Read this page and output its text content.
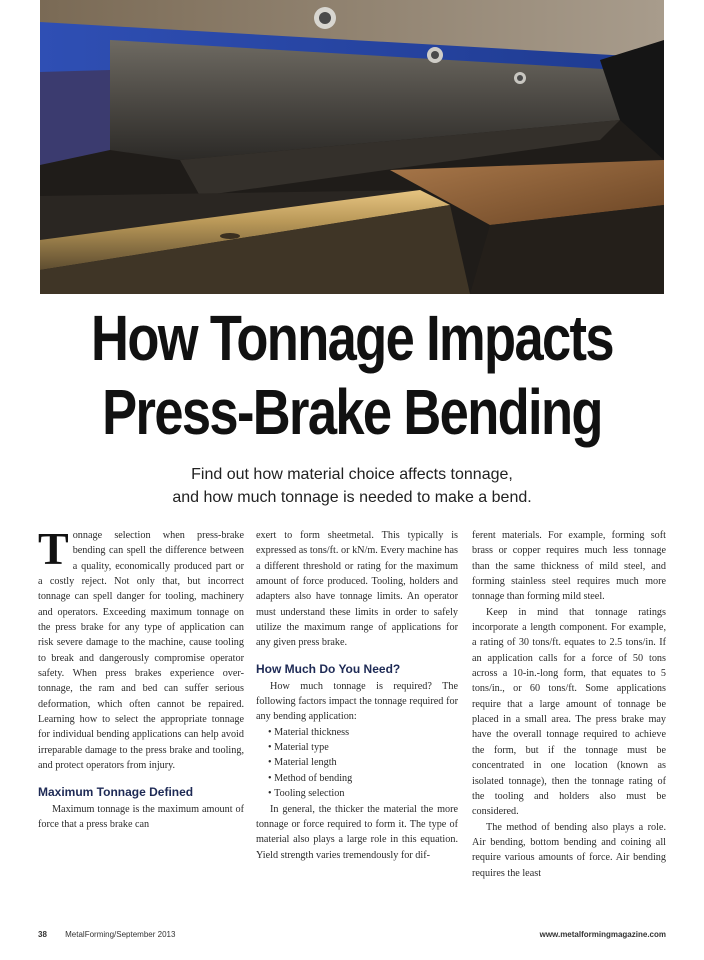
How Tonnage Impacts
Press-Brake Bending
Find out how material choice affects tonnage,
and how much tonnage is needed to make a bend.

T onnage selection when press-brake bending can spell the difference between a quality, economically produced part or a costly reject. Not only that, but incorrect tonnage can spell danger for tooling, machinery and operators. Exceeding maximum tonnage on the press brake for any type of application can risk severe damage to the machine, cause tooling to break and dangerously compromise operator safety. When press brakes experience over-tonnage, the ram and bed can suffer serious deformation, which often cannot be repaired. Learning how to select the appropriate tonnage for individual bending applications can help avoid irreparable damage to the press brake and tooling, and protect operators from injury.

Maximum Tonnage Defined

Maximum tonnage is the maximum amount of force that a press brake can

exert to form sheetmetal. This typically is expressed as tons/ft. or kN/m. Every machine has a different threshold or rating for the maximum amount of force produced. Tooling, holders and adapters also have tonnage limits. An operator must understand these limits in order to safely utilize the maximum range of applications for any given press brake.

How Much Do You Need?

How much tonnage is required? The following factors impact the tonnage required for any bending application:

• Material thickness
• Material type
• Material length
• Method of bending
• Tooling selection

In general, the thicker the material the more tonnage or force required to form it. The type of material also plays a large role in this equation. Yield strength varies tremendously for dif-

ferent materials. For example, forming soft brass or copper requires much less tonnage than the same thickness of mild steel, and forming stainless steel requires much more tonnage than forming mild steel.

Keep in mind that tonnage ratings incorporate a length component. For example, a rating of 30 tons/ft. equates to 2.5 tons/in. If an application calls for a force of 50 tons across a 10-in.-long form, that equates to 5 tons/in., or 60 tons/ft. Some applications require that a large amount of tonnage be placed in a small area. The press brake may have the overall tonnage required to achieve the form, but if the tonnage must be concentrated in one location (known as isolated tonnage), then the tonnage rating of the tooling and holders also must be considered.

The method of bending also plays a role. Air bending, bottom bending and coining all require various amounts of force. Air bending requires the least

38 MetalForming/September 2013	www.metalformingmagazine.com
